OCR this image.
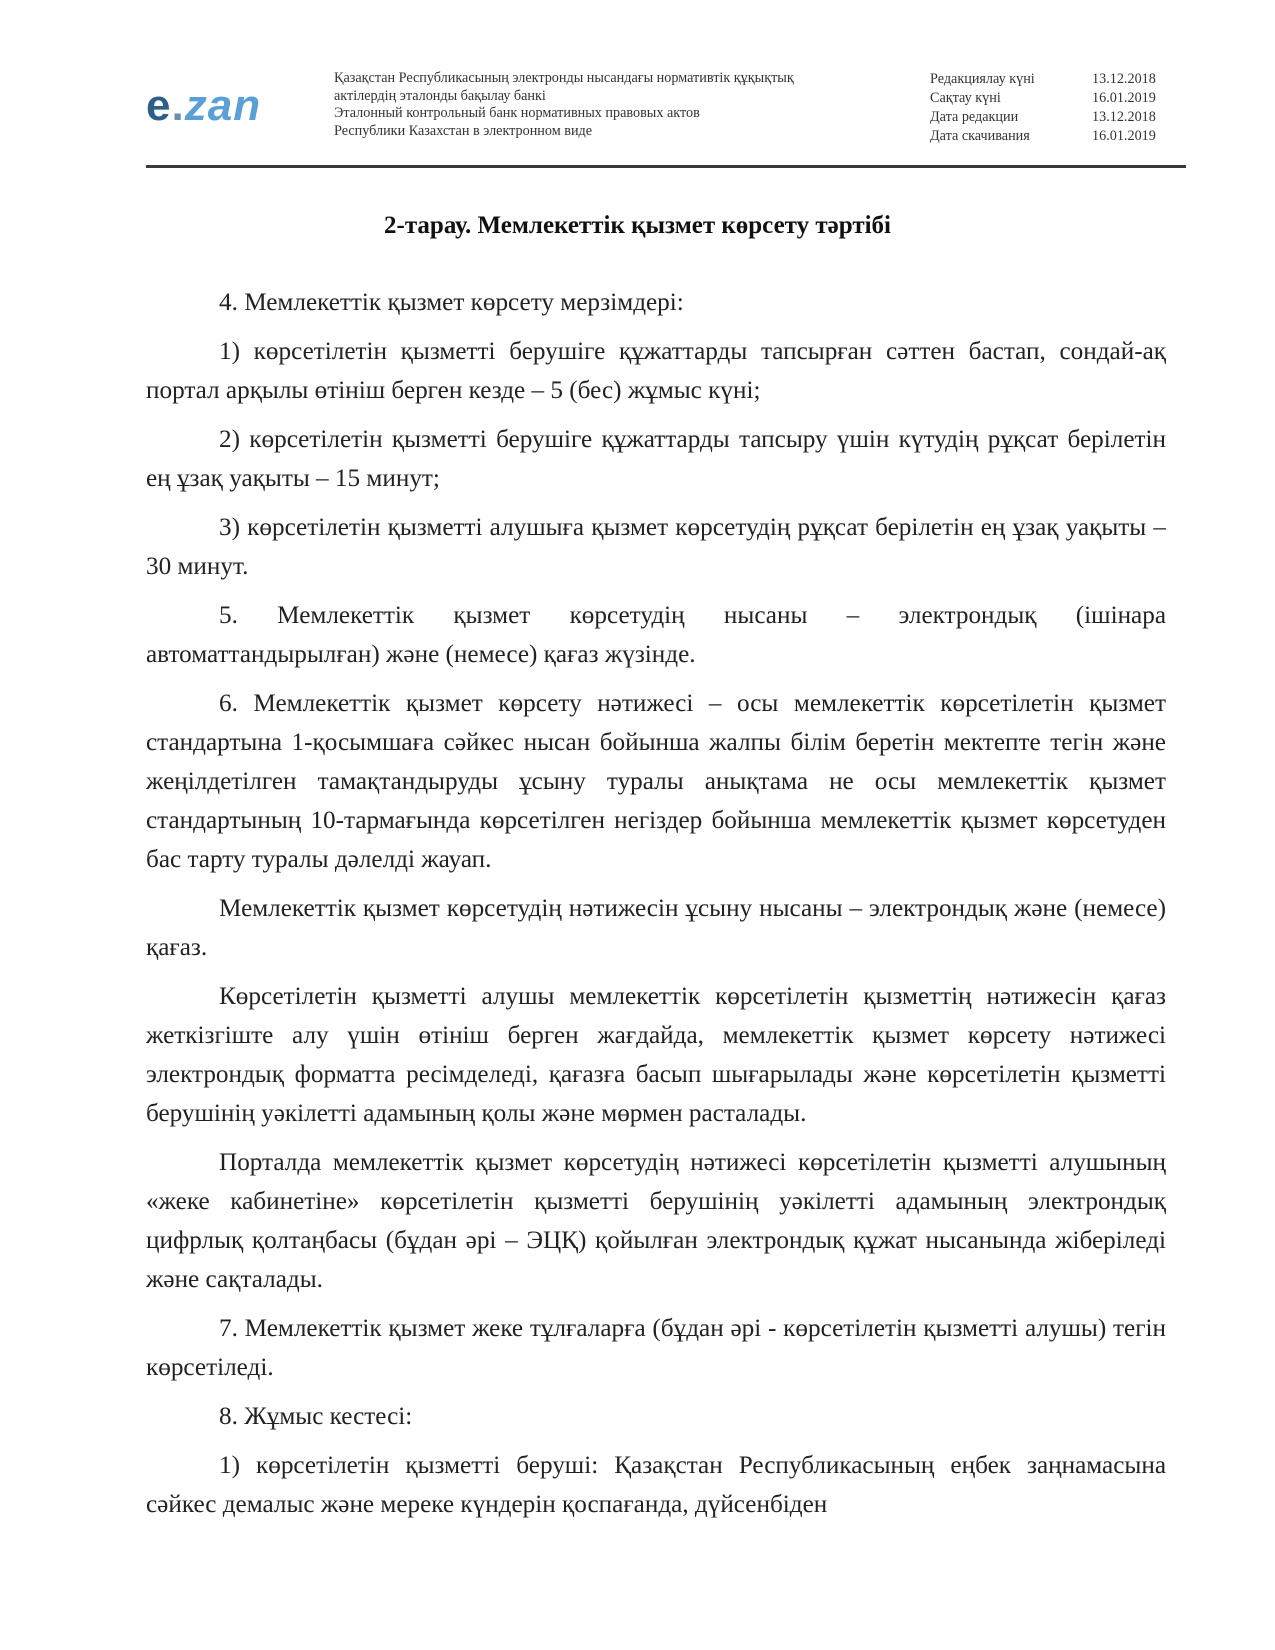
e.zan
Қазақстан Республикасының электронды нысандағы нормативтік құқықтық
актілердің эталонды бақылау банкі
Эталонный контрольный банк нормативных правовых актов
Республики Казахстан в электронном виде
Редакциялау күні	13.12.2018
Сақтау күні	16.01.2019
Дата редакции	13.12.2018
Дата скачивания	16.01.2019
2-тарау. Мемлекеттік қызмет көрсету тәртібі

4. Мемлекеттік қызмет көрсету мерзімдері:

1) көрсетілетін қызметті берушіге құжаттарды тапсырған сәттен бастап, сондай-ақ портал арқылы өтініш берген кезде – 5 (бес) жұмыс күні;

2) көрсетілетін қызметті берушіге құжаттарды тапсыру үшін күтудің рұқсат берілетін ең ұзақ уақыты – 15 минут;

3) көрсетілетін қызметті алушыға қызмет көрсетудің рұқсат берілетін ең ұзақ уақыты – 30 минут.

5. Мемлекеттік қызмет көрсетудің нысаны – электрондық (ішінара автоматтандырылған) және (немесе) қағаз жүзінде.

6. Мемлекеттік қызмет көрсету нәтижесі – осы мемлекеттік көрсетілетін қызмет стандартына 1-қосымшаға сәйкес нысан бойынша жалпы білім беретін мектепте тегін және жеңілдетілген тамақтандыруды ұсыну туралы анықтама не осы мемлекеттік қызмет стандартының 10-тармағында көрсетілген негіздер бойынша мемлекеттік қызмет көрсетуден бас тарту туралы дәлелді жауап.

Мемлекеттік қызмет көрсетудің нәтижесін ұсыну нысаны – электрондық және (немесе) қағаз.

Көрсетілетін қызметті алушы мемлекеттік көрсетілетін қызметтің нәтижесін қағаз жеткізгіште алу үшін өтініш берген жағдайда, мемлекеттік қызмет көрсету нәтижесі электрондық форматта ресімделеді, қағазға басып шығарылады және көрсетілетін қызметті берушінің уәкілетті адамының қолы және мөрмен расталады.

Порталда мемлекеттік қызмет көрсетудің нәтижесі көрсетілетін қызметті алушының «жеке кабинетіне» көрсетілетін қызметті берушінің уәкілетті адамының электрондық цифрлық қолтаңбасы (бұдан әрі – ЭЦҚ) қойылған электрондық құжат нысанында жіберіледі және сақталады.

7. Мемлекеттік қызмет жеке тұлғаларға (бұдан әрі - көрсетілетін қызметті алушы) тегін көрсетіледі.

8. Жұмыс кестесі:

1) көрсетілетін қызметті беруші: Қазақстан Республикасының еңбек заңнамасына сәйкес демалыс және мереке күндерін қоспағанда, дүйсенбіден
